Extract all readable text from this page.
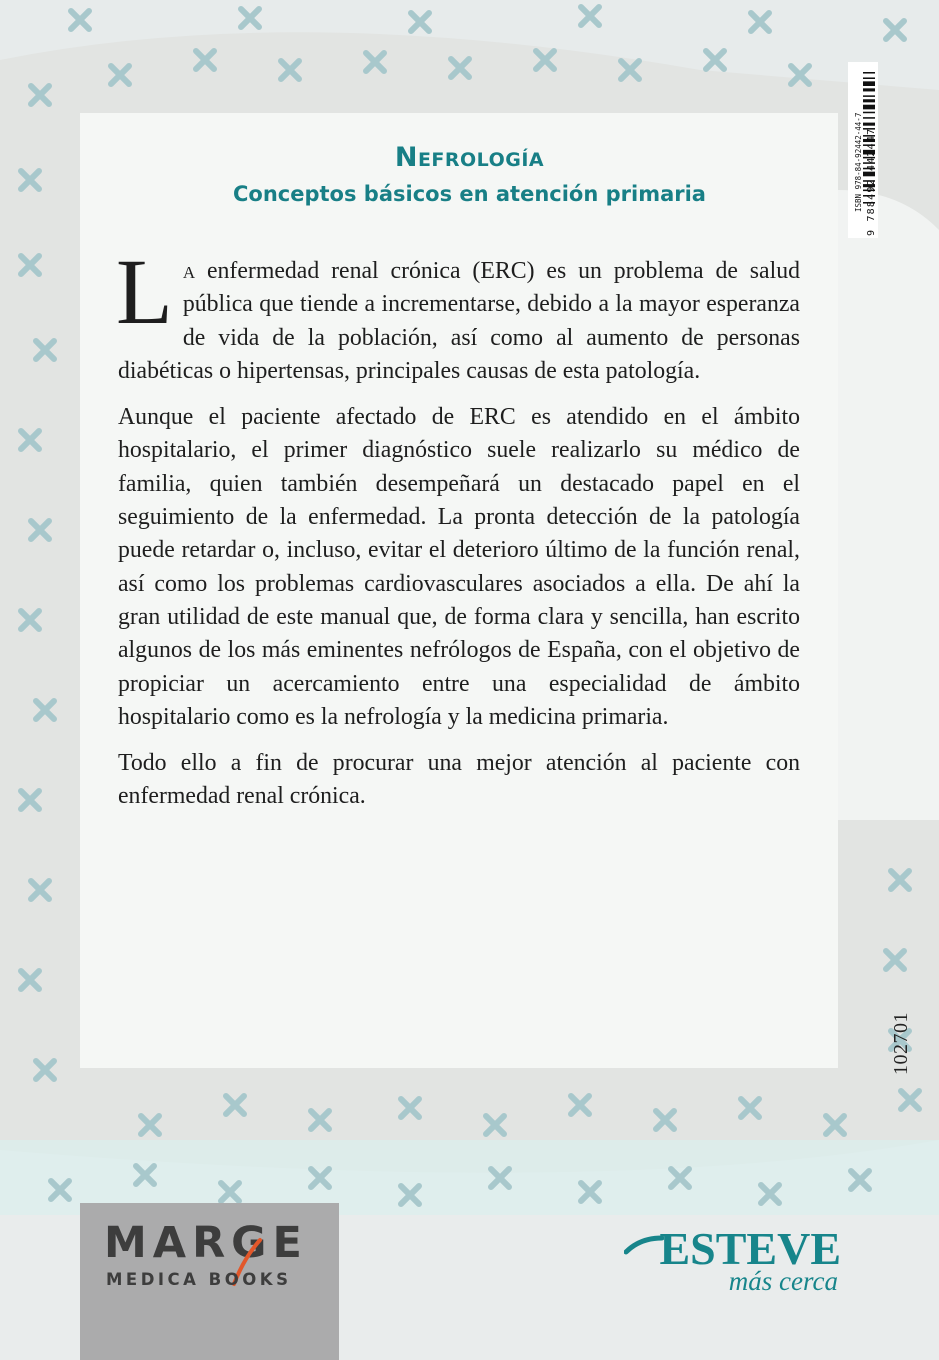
Nefrología
Conceptos básicos en atención primaria

La enfermedad renal crónica (ERC) es un problema de salud pública que tiende a incrementarse, debido a la mayor esperanza de vida de la población, así como al aumento de personas diabéticas o hipertensas, principales causas de esta patología.

Aunque el paciente afectado de ERC es atendido en el ámbito hospitalario, el primer diagnóstico suele realizarlo su médico de familia, quien también desempeñará un destacado papel en el seguimiento de la enfermedad. La pronta detección de la patología puede retardar o, incluso, evitar el deterioro último de la función renal, así como los problemas cardiovasculares asociados a ella. De ahí la gran utilidad de este manual que, de forma clara y sencilla, han escrito algunos de los más eminentes nefrólogos de España, con el objetivo de propiciar un acercamiento entre una especialidad de ámbito hospitalario como es la nefrología y la medicina primaria.

Todo ello a fin de procurar una mejor atención al paciente con enfermedad renal crónica.

ISBN 978-84-92442-44-7 9 788492 442447
102701
MARGE
MEDICA BOOKS
ESTEVE
más cerca
